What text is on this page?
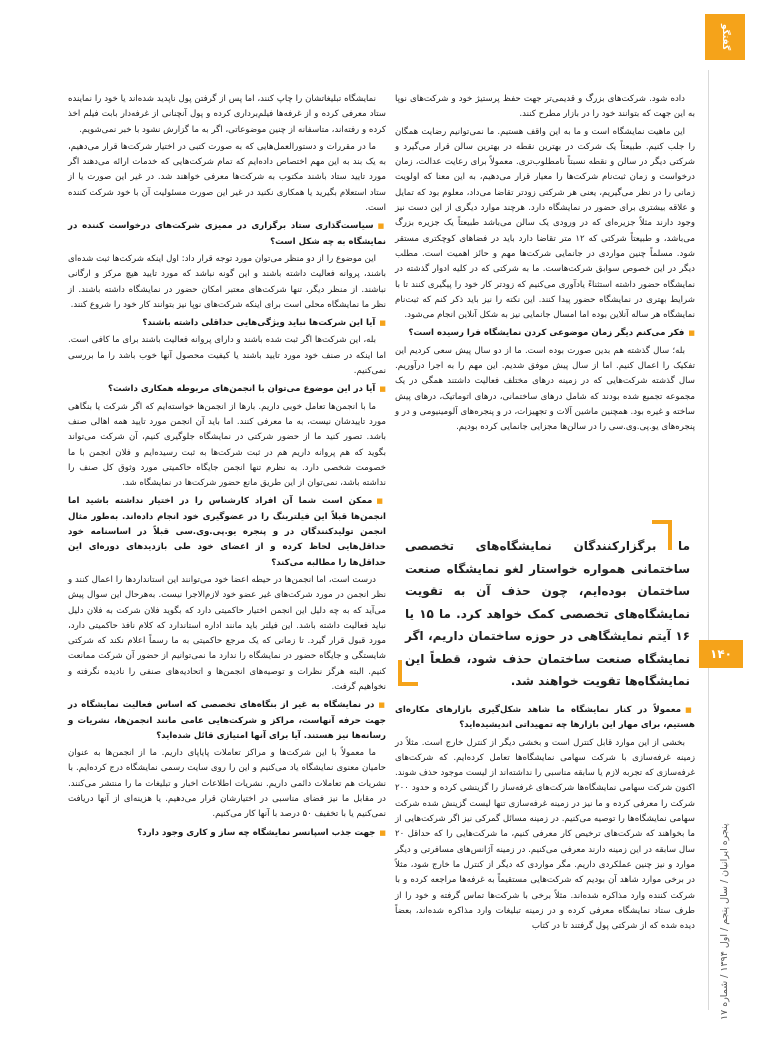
گفتگو
پنجره ایرانیان / سال پنجم / اول ۱۳۹۴ / شماره ۱۷
۱۴۰

داده شود. شرکت‌های بزرگ و قدیمی‌تر جهت حفظ پرستیژ خود و شرکت‌های نوپا به این جهت که بتوانند خود را در بازار مطرح کنند.

این ماهیت نمایشگاه است و ما به این واقف هستیم. ما نمی‌توانیم رضایت همگان را جلب کنیم. طبیعتاً یک شرکت در بهترین نقطه در بهترین سالن قرار می‌گیرد و شرکتی دیگر در سالن و نقطه نسبتاً نامطلوب‌تری. معمولاً برای رعایت عدالت، زمان درخواست و زمان ثبت‌نام شرکت‌ها را معیار قرار می‌دهیم، به این معنا که اولویت زمانی را در نظر می‌گیریم، یعنی هر شرکتی زودتر تقاضا می‌داد، معلوم بود که تمایل و علاقه بیشتری برای حضور در نمایشگاه دارد. هرچند موارد دیگری از این دست نیز وجود دارند مثلاً جزیره‌ای که در ورودی یک سالن می‌باشد طبیعتاً یک جزیره بزرگ می‌باشد، و طبیعتاً شرکتی که ۱۲ متر تقاضا دارد باید در فضاهای کوچکتری مستقر شود. مسلماً چنین مواردی در جانمایی شرکت‌ها مهم و حائز اهمیت است. مطلب دیگر در این خصوص سوابق شرکت‌هاست. ما به شرکتی که در کلیه ادوار گذشته در نمایشگاه حضور داشته استثناءً یادآوری می‌کنیم که زودتر کار خود را پیگیری کنند تا با شرایط بهتری در نمایشگاه حضور پیدا کنند. این نکته را نیز باید ذکر کنم که ثبت‌نام نمایشگاه هر ساله آنلاین بوده اما امسال جانمایی نیز به شکل آنلاین انجام می‌شود.

■ فکر می‌کنم دیگر زمان موضوعی کردن نمایشگاه فرا رسیده است؟

بله؛ سال گذشته هم بدین صورت بوده است. ما از دو سال پیش سعی کردیم این تفکیک را اعمال کنیم. اما از سال پیش موفق شدیم. این مهم را به اجرا درآوریم. سال گذشته شرکت‌هایی که در زمینه درهای مختلف فعالیت داشتند همگی در یک مجموعه تجمیع شده بودند که شامل درهای ساختمانی، درهای اتوماتیک، درهای پیش ساخته و غیره بود. همچنین ماشین آلات و تجهیزات، در و پنجره‌های آلومینیومی و در و پنجره‌های یو.پی.وی.سی را در سالن‌ها مجزایی جانمایی کرده بودیم.

ما برگزارکنندگان نمایشگاه‌های تخصصی ساختمانی همواره خواستار لغو نمایشگاه صنعت ساختمان بوده‌ایم، چون حذف آن به تقویت نمایشگاه‌های تخصصی کمک خواهد کرد. ما ۱۵ یا ۱۶ آیتم نمایشگاهی در حوزه ساختمان داریم، اگر نمایشگاه صنعت ساختمان حذف شود، قطعاً این نمایشگاه‌ها تقویت خواهند شد.

■ معمولاً در کنار نمایشگاه ما شاهد شکل‌گیری بازارهای مکاره‌ای هستیم، برای مهار این بازارها چه تمهیداتی اندیشیده‌اید؟

بخشی از این موارد قابل کنترل است و بخشی دیگر از کنترل خارج است. مثلاً در زمینه غرفه‌سازی با شرکت سهامی نمایشگاه‌ها تعامل کرده‌ایم. که شرکت‌های غرفه‌سازی که تجربه لازم یا سابقه مناسبی را نداشته‌اند از لیست موجود حذف شوند. اکنون شرکت سهامی نمایشگاه‌ها شرکت‌های غرفه‌ساز را گزینشی کرده و حدود ۲۰۰ شرکت را معرفی کرده و ما نیز در زمینه غرفه‌سازی تنها لیست گزینش شده شرکت سهامی نمایشگاه‌ها را توصیه می‌کنیم. در زمینه مسائل گمرکی نیز اگر شرکت‌هایی از ما بخواهند که شرکت‌های ترخیص کار معرفی کنیم، ما شرکت‌هایی را که حداقل ۲۰ سال سابقه در این زمینه دارند معرفی می‌کنیم. در زمینه آژانس‌های مسافرتی و دیگر موارد و نیز چنین عملکردی داریم. مگر مواردی که دیگر از کنترل ما خارج شود، مثلاً در برخی موارد شاهد آن بودیم که شرکت‌هایی مستقیماً به غرفه‌ها مراجعه کرده و با شرکت کننده وارد مذاکره شده‌اند. مثلاً برخی با شرکت‌ها تماس گرفته و خود را از طرف ستاد نمایشگاه معرفی کرده و در زمینه تبلیغات وارد مذاکره شده‌اند، بعضاً دیده شده که از شرکتی پول گرفتند تا در کتاب

نمایشگاه تبلیغاتشان را چاپ کنند، اما پس از گرفتن پول ناپدید شده‌اند یا خود را نماینده ستاد معرفی کرده و از غرفه‌ها فیلم‌برداری کرده و پول آنچنانی از غرفه‌دار بابت فیلم اخذ کرده و رفته‌اند، متاسفانه از چنین موضوعاتی، اگر به ما گزارش نشود با خبر نمی‌شویم.

ما در مقررات و دستورالعمل‌هایی که به صورت کتبی در اختیار شرکت‌ها قرار می‌دهیم، به یک بند به این مهم اختصاص داده‌ایم که تمام شرکت‌هایی که خدمات ارائه می‌دهند اگر مورد تایید ستاد باشند مکتوب به شرکت‌ها معرفی خواهند شد. در غیر این صورت یا از ستاد استعلام بگیرید یا همکاری نکنید در غیر این صورت مسئولیت آن با خود شرکت کننده است.

■ سیاست‌گذاری ستاد برگزاری در ممیزی شرکت‌های درخواست کننده در نمایشگاه به چه شکل است؟

این موضوع را از دو منظر می‌توان مورد توجه قرار داد: اول اینکه شرکت‌ها ثبت شده‌ای باشند، پروانه فعالیت داشته باشند و این گونه نباشد که مورد تایید هیچ مرکز و ارگانی نباشند. از منظر دیگر، تنها شرکت‌های معتبر امکان حضور در نمایشگاه داشته باشند. از نظر ما نمایشگاه محلی است برای اینکه شرکت‌های نوپا نیز بتوانند کار خود را شروع کنند.

■ آیا این شرکت‌ها نباید ویژگی‌هایی حداقلی داشته باشند؟

بله، این شرکت‌ها اگر ثبت شده باشند و دارای پروانه فعالیت باشند برای ما کافی است. اما اینکه در صنف خود مورد تایید باشند یا کیفیت محصول آنها خوب باشد را ما بررسی نمی‌کنیم.

■ آیا در این موضوع می‌توان با انجمن‌های مربوطه همکاری داشت؟

ما با انجمن‌ها تعامل خوبی داریم. بارها از انجمن‌ها خواسته‌ایم که اگر شرکت یا بنگاهی مورد تاییدشان نیست، به ما معرفی کنند. اما باید آن انجمن مورد تایید همه اهالی صنف باشد. تصور کنید ما از حضور شرکتی در نمایشگاه جلوگیری کنیم، آن شرکت می‌تواند بگوید که هم پروانه داریم هم در ثبت شرکت‌ها به ثبت رسیده‌ایم و فلان انجمن با ما خصومت شخصی دارد. به نظرم تنها انجمن جایگاه حاکمیتی مورد وثوق کل صنف را نداشته باشد، نمی‌توان از این طریق مانع حضور شرکت‌ها در نمایشگاه شد.

■ ممکن است شما آن افراد کارشناس را در اختیار نداشته باشید اما انجمن‌ها قبلاً این فیلترینگ را در عضوگیری خود انجام داده‌اند. به‌طور مثال انجمن تولیدکنندگان در و پنجره یو.پی.وی.سی قبلاً در اساسنامه خود حداقل‌هایی لحاظ کرده و از اعضای خود طی بازدیدهای دوره‌ای این حداقل‌ها را مطالبه می‌کند؟

درست است، اما انجمن‌ها در حیطه اعضا خود می‌توانند این استانداردها را اعمال کنند و نظر انجمن در مورد شرکت‌های غیر عضو خود لازم‌الاجرا نیست. به‌هرحال این سوال پیش می‌آید که به چه دلیل این انجمن اختیار حاکمیتی دارد که بگوید فلان شرکت به فلان دلیل نباید فعالیت داشته باشد. این فیلتر باید مانند اداره استاندارد که کلام نافذ حاکمیتی دارد، مورد قبول قرار گیرد. تا زمانی که یک مرجع حاکمیتی به ما رسماً اعلام نکند که شرکتی شایستگی و جایگاه حضور در نمایشگاه را ندارد ما نمی‌توانیم از حضور آن شرکت ممانعت کنیم. البته هرگز نظرات و توصیه‌های انجمن‌ها و اتحادیه‌های صنفی را نادیده نگرفته و نخواهیم گرفت.

■ در نمایشگاه به غیر از بنگاه‌های تخصصی که اساس فعالیت نمایشگاه در جهت حرفه آنهاست، مراکز و شرکت‌هایی عامی مانند انجمن‌ها، نشریات و رسانه‌ها نیز هستند. آیا برای آنها امتیازی قائل شده‌اید؟

ما معمولاً با این شرکت‌ها و مراکز تعاملات پایاپای داریم. ما از انجمن‌ها به عنوان حامیان معنوی نمایشگاه یاد می‌کنیم و این را روی سایت رسمی نمایشگاه درج کرده‌ایم. با نشریات هم تعاملات دائمی داریم. نشریات اطلاعات اخبار و تبلیغات ما را منتشر می‌کنند. در مقابل ما نیز فضای مناسبی در اختیارشان قرار می‌دهیم. یا هزینه‌ای از آنها دریافت نمی‌کنیم یا با تخفیف ۵۰ درصد با آنها کار می‌کنیم.

■ جهت جذب اسپانسر نمایشگاه چه ساز و کاری وجود دارد؟
